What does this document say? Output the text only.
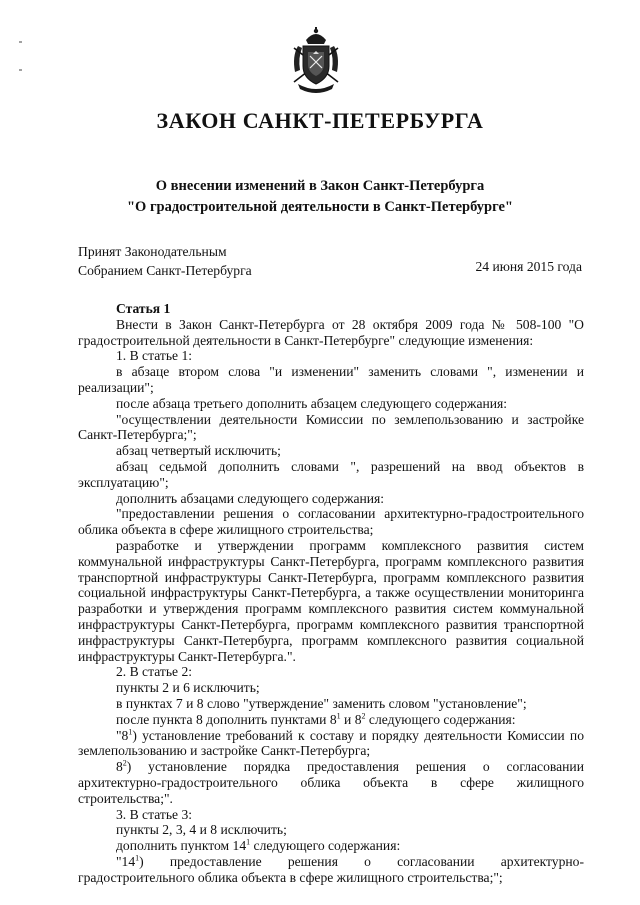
ЗАКОН САНКТ-ПЕТЕРБУРГА
О внесении изменений в Закон Санкт-Петербурга
"О градостроительной деятельности в Санкт-Петербурге"
Принят Законодательным
Собранием Санкт-Петербурга	24 июня 2015 года

Статья 1

Внести в Закон Санкт-Петербурга от 28 октября 2009 года № 508-100 "О градостроительной деятельности в Санкт-Петербурге" следующие изменения:

1. В статье 1:

в абзаце втором слова "и изменении" заменить словами ", изменении и реализации";

после абзаца третьего дополнить абзацем следующего содержания:

"осуществлении деятельности Комиссии по землепользованию и застройке Санкт-Петербурга;";

абзац четвертый исключить;

абзац седьмой дополнить словами ", разрешений на ввод объектов в эксплуатацию";

дополнить абзацами следующего содержания:

"предоставлении решения о согласовании архитектурно-градостроительного облика объекта в сфере жилищного строительства;

разработке и утверждении программ комплексного развития систем коммунальной инфраструктуры Санкт-Петербурга, программ комплексного развития транспортной инфраструктуры Санкт-Петербурга, программ комплексного развития социальной инфраструктуры Санкт-Петербурга, а также осуществлении мониторинга разработки и утверждения программ комплексного развития систем коммунальной инфраструктуры Санкт-Петербурга, программ комплексного развития транспортной инфраструктуры Санкт-Петербурга, программ комплексного развития социальной инфраструктуры Санкт-Петербурга.".

2. В статье 2:

пункты 2 и 6 исключить;

в пунктах 7 и 8 слово "утверждение" заменить словом "установление";

после пункта 8 дополнить пунктами $8^1$ и $8^2$ следующего содержания:

"$8^1$) установление требований к составу и порядку деятельности Комиссии по землепользованию и застройке Санкт-Петербурга;

$8^2$) установление порядка предоставления решения о согласовании архитектурно-градостроительного облика объекта в сфере жилищного строительства;".

3. В статье 3:

пункты 2, 3, 4 и 8 исключить;

дополнить пунктом $14^1$ следующего содержания:

"$14^1$) предоставление решения о согласовании архитектурно-градостроительного облика объекта в сфере жилищного строительства;";
